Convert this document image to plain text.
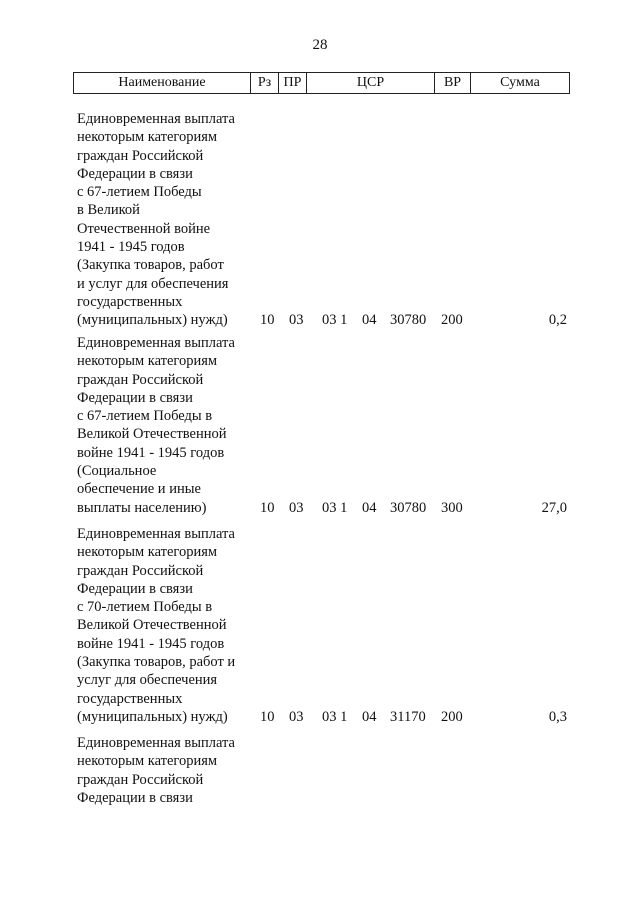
28
Наименование	Рз ПР	ЦСР	ВР	Сумма
Единовременная выплата
некоторым категориям
граждан Российской
Федерации в связи
с 67-летием Победы
в Великой
Отечественной войне
1941 - 1945 годов
(Закупка товаров, работ
и услуг для обеспечения
государственных
(муниципальных) нужд)	10 03 03 1 04 30780 200	0,2
Единовременная выплата
некоторым категориям
граждан Российской
Федерации в связи
с 67-летием Победы в
Великой Отечественной
войне 1941 - 1945 годов
(Социальное
обеспечение и иные
выплаты населению)	10 03 03 1 04 30780 300	27,0
Единовременная выплата
некоторым категориям
граждан Российской
Федерации в связи
с 70-летием Победы в
Великой Отечественной
войне 1941 - 1945 годов
(Закупка товаров, работ и
услуг для обеспечения
государственных
(муниципальных) нужд)	10 03 03 1 04 31170 200	0,3
Единовременная выплата
некоторым категориям
граждан Российской
Федерации в связи
